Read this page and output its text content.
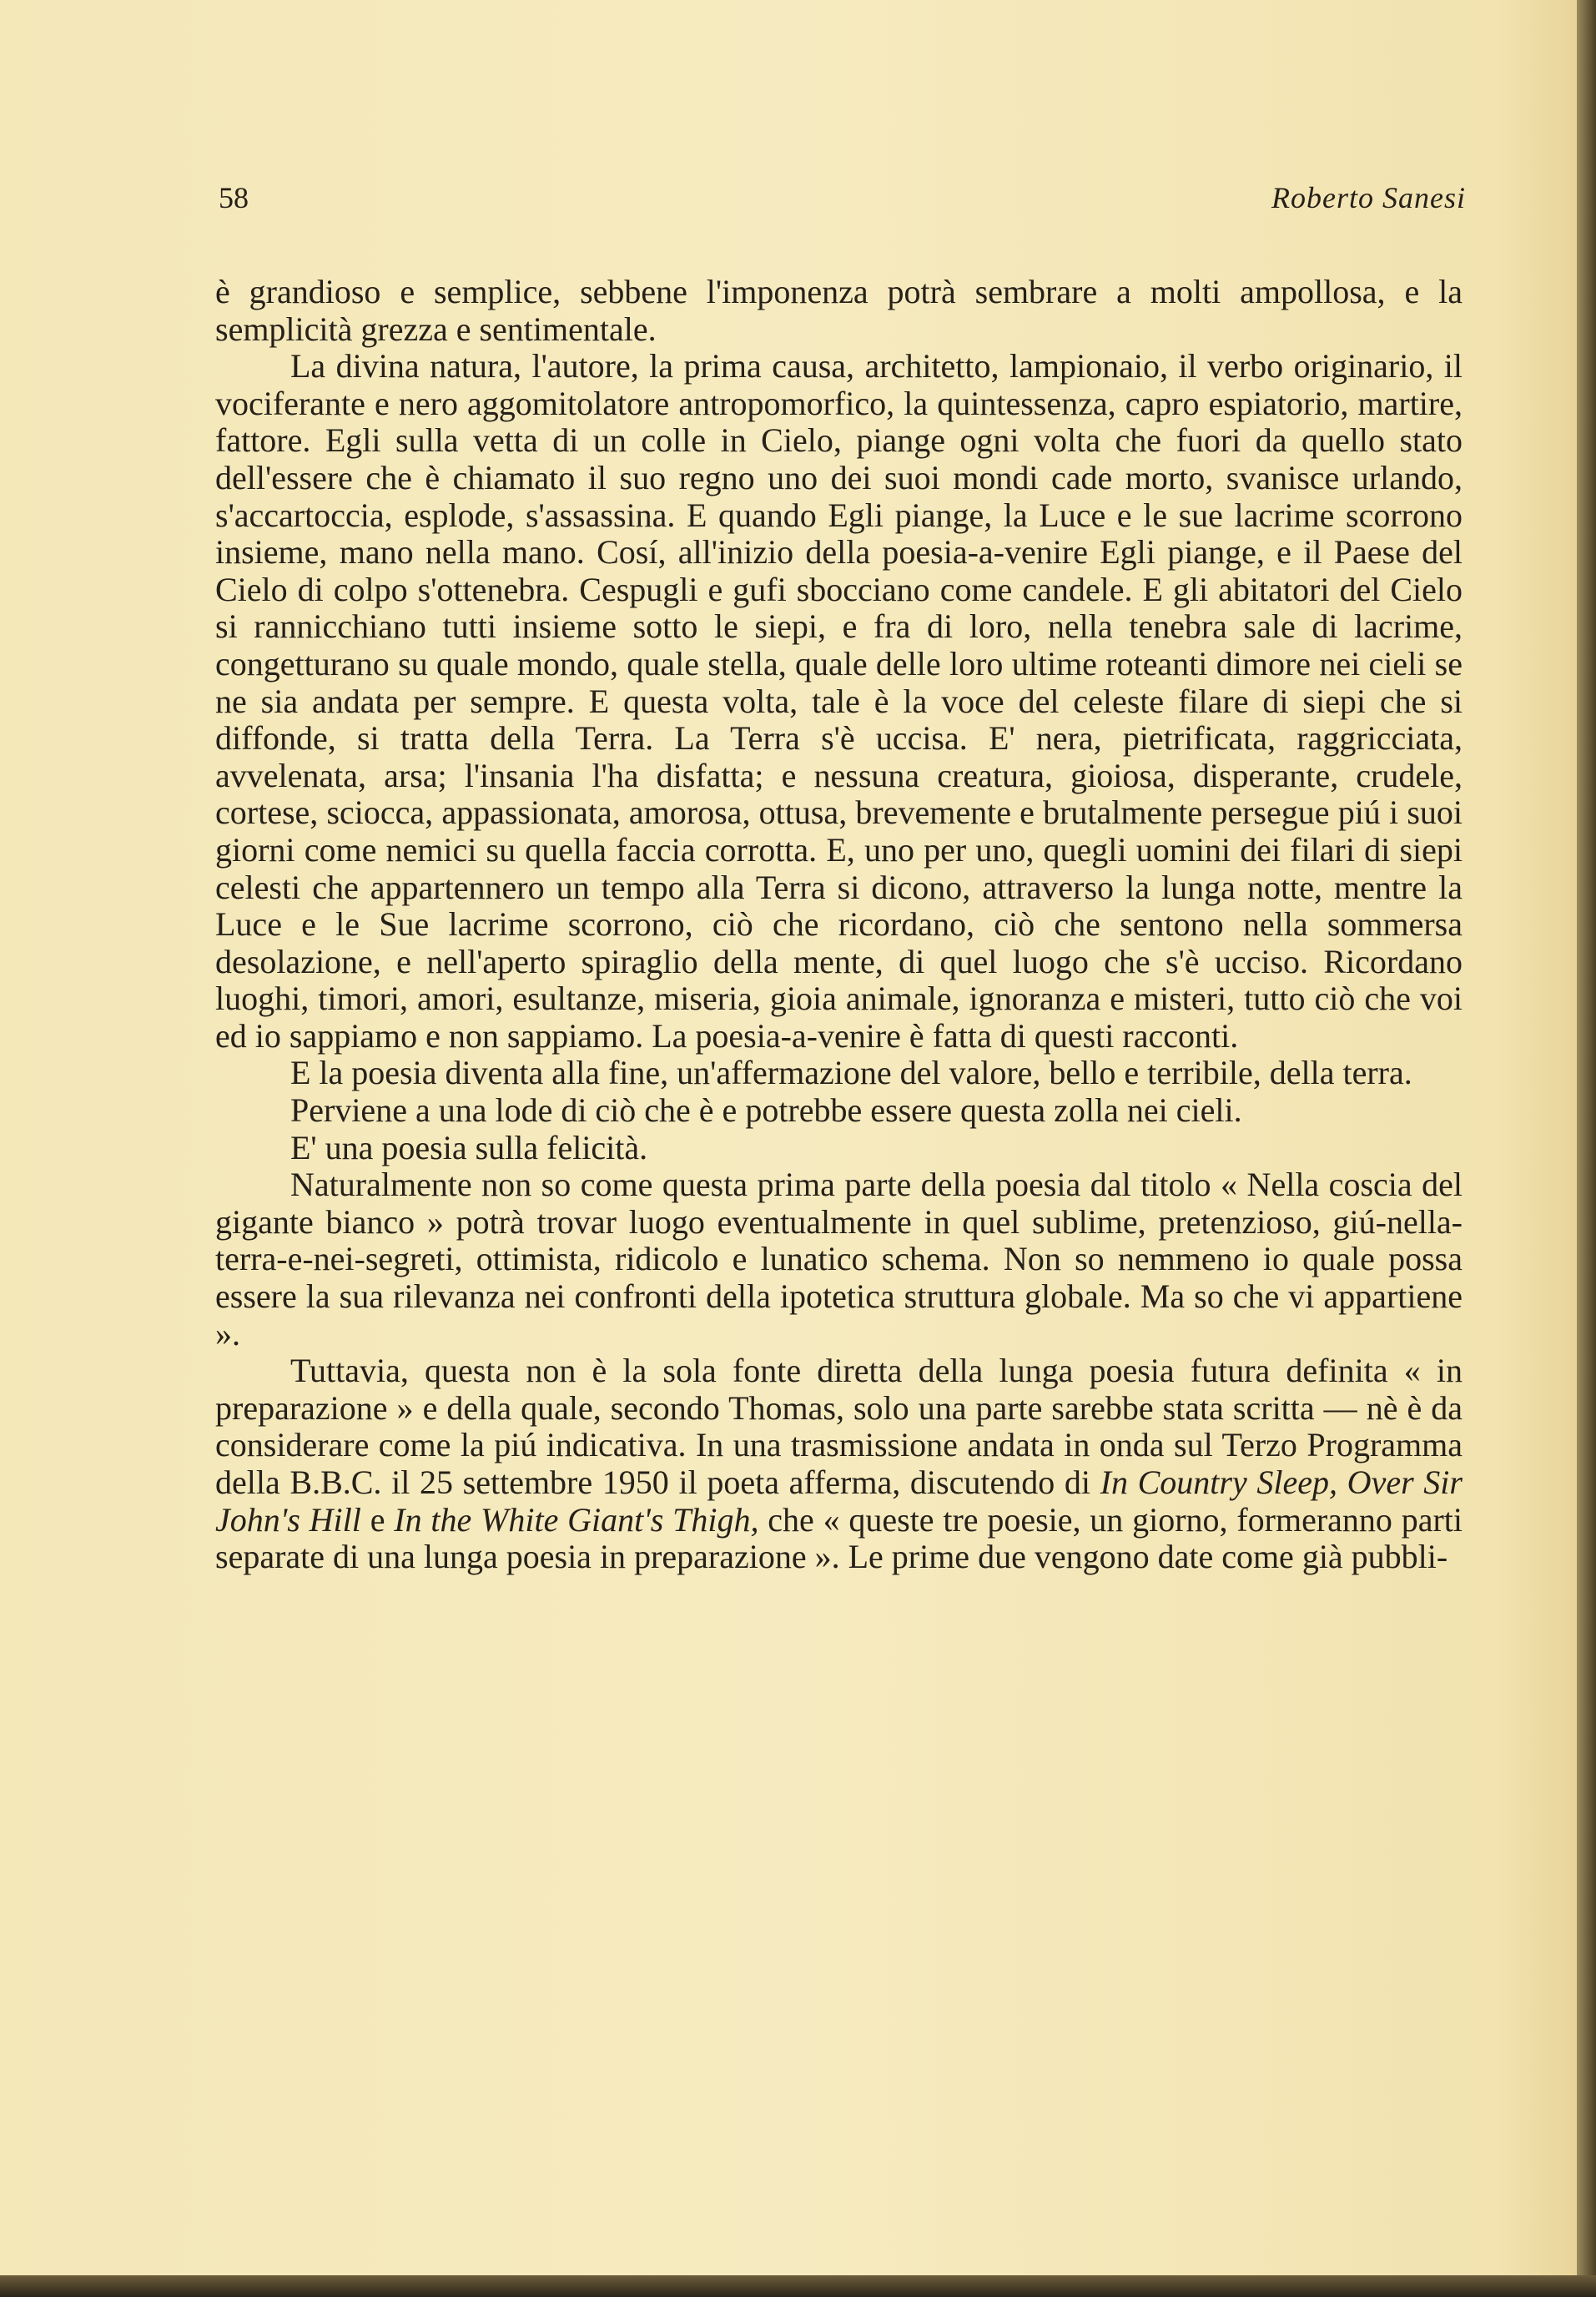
58	Roberto Sanesi

è grandioso e semplice, sebbene l'imponenza potrà sembrare a molti ampollosa, e la semplicità grezza e sentimentale.

La divina natura, l'autore, la prima causa, architetto, lampionaio, il verbo originario, il vociferante e nero aggomitolatore antropomorfico, la quintessenza, capro espiatorio, martire, fattore. Egli sulla vetta di un colle in Cielo, piange ogni volta che fuori da quello stato dell'essere che è chiamato il suo regno uno dei suoi mondi cade morto, svanisce urlando, s'accartoccia, esplode, s'assassina. E quando Egli piange, la Luce e le sue lacrime scorrono insieme, mano nella mano. Cosí, all'inizio della poesia-a-venire Egli piange, e il Paese del Cielo di colpo s'ottenebra. Cespugli e gufi sbocciano come candele. E gli abitatori del Cielo si rannicchiano tutti insieme sotto le siepi, e fra di loro, nella tenebra sale di lacrime, congetturano su quale mondo, quale stella, quale delle loro ultime roteanti dimore nei cieli se ne sia andata per sempre. E questa volta, tale è la voce del celeste filare di siepi che si diffonde, si tratta della Terra. La Terra s'è uccisa. E' nera, pietrificata, raggricciata, avvelenata, arsa; l'insania l'ha disfatta; e nessuna creatura, gioiosa, disperante, crudele, cortese, sciocca, appassionata, amorosa, ottusa, brevemente e brutalmente persegue piú i suoi giorni come nemici su quella faccia corrotta. E, uno per uno, quegli uomini dei filari di siepi celesti che appartennero un tempo alla Terra si dicono, attraverso la lunga notte, mentre la Luce e le Sue lacrime scorrono, ciò che ricordano, ciò che sentono nella sommersa desolazione, e nell'aperto spiraglio della mente, di quel luogo che s'è ucciso. Ricordano luoghi, timori, amori, esultanze, miseria, gioia animale, ignoranza e misteri, tutto ciò che voi ed io sappiamo e non sappiamo. La poesia-a-venire è fatta di questi racconti.

E la poesia diventa alla fine, un'affermazione del valore, bello e terribile, della terra.

Perviene a una lode di ciò che è e potrebbe essere questa zolla nei cieli.

E' una poesia sulla felicità.

Naturalmente non so come questa prima parte della poesia dal titolo « Nella coscia del gigante bianco » potrà trovar luogo eventualmente in quel sublime, pretenzioso, giú-nella-terra-e-nei-segreti, ottimista, ridicolo e lunatico schema. Non so nemmeno io quale possa essere la sua rilevanza nei confronti della ipotetica struttura globale. Ma so che vi appartiene ».

Tuttavia, questa non è la sola fonte diretta della lunga poesia futura definita « in preparazione » e della quale, secondo Thomas, solo una parte sarebbe stata scritta — nè è da considerare come la piú indicativa. In una trasmissione andata in onda sul Terzo Programma della B.B.C. il 25 settembre 1950 il poeta afferma, discutendo di In Country Sleep, Over Sir John's Hill e In the White Giant's Thigh, che « queste tre poesie, un giorno, formeranno parti separate di una lunga poesia in preparazione ». Le prime due vengono date come già pubbli-
